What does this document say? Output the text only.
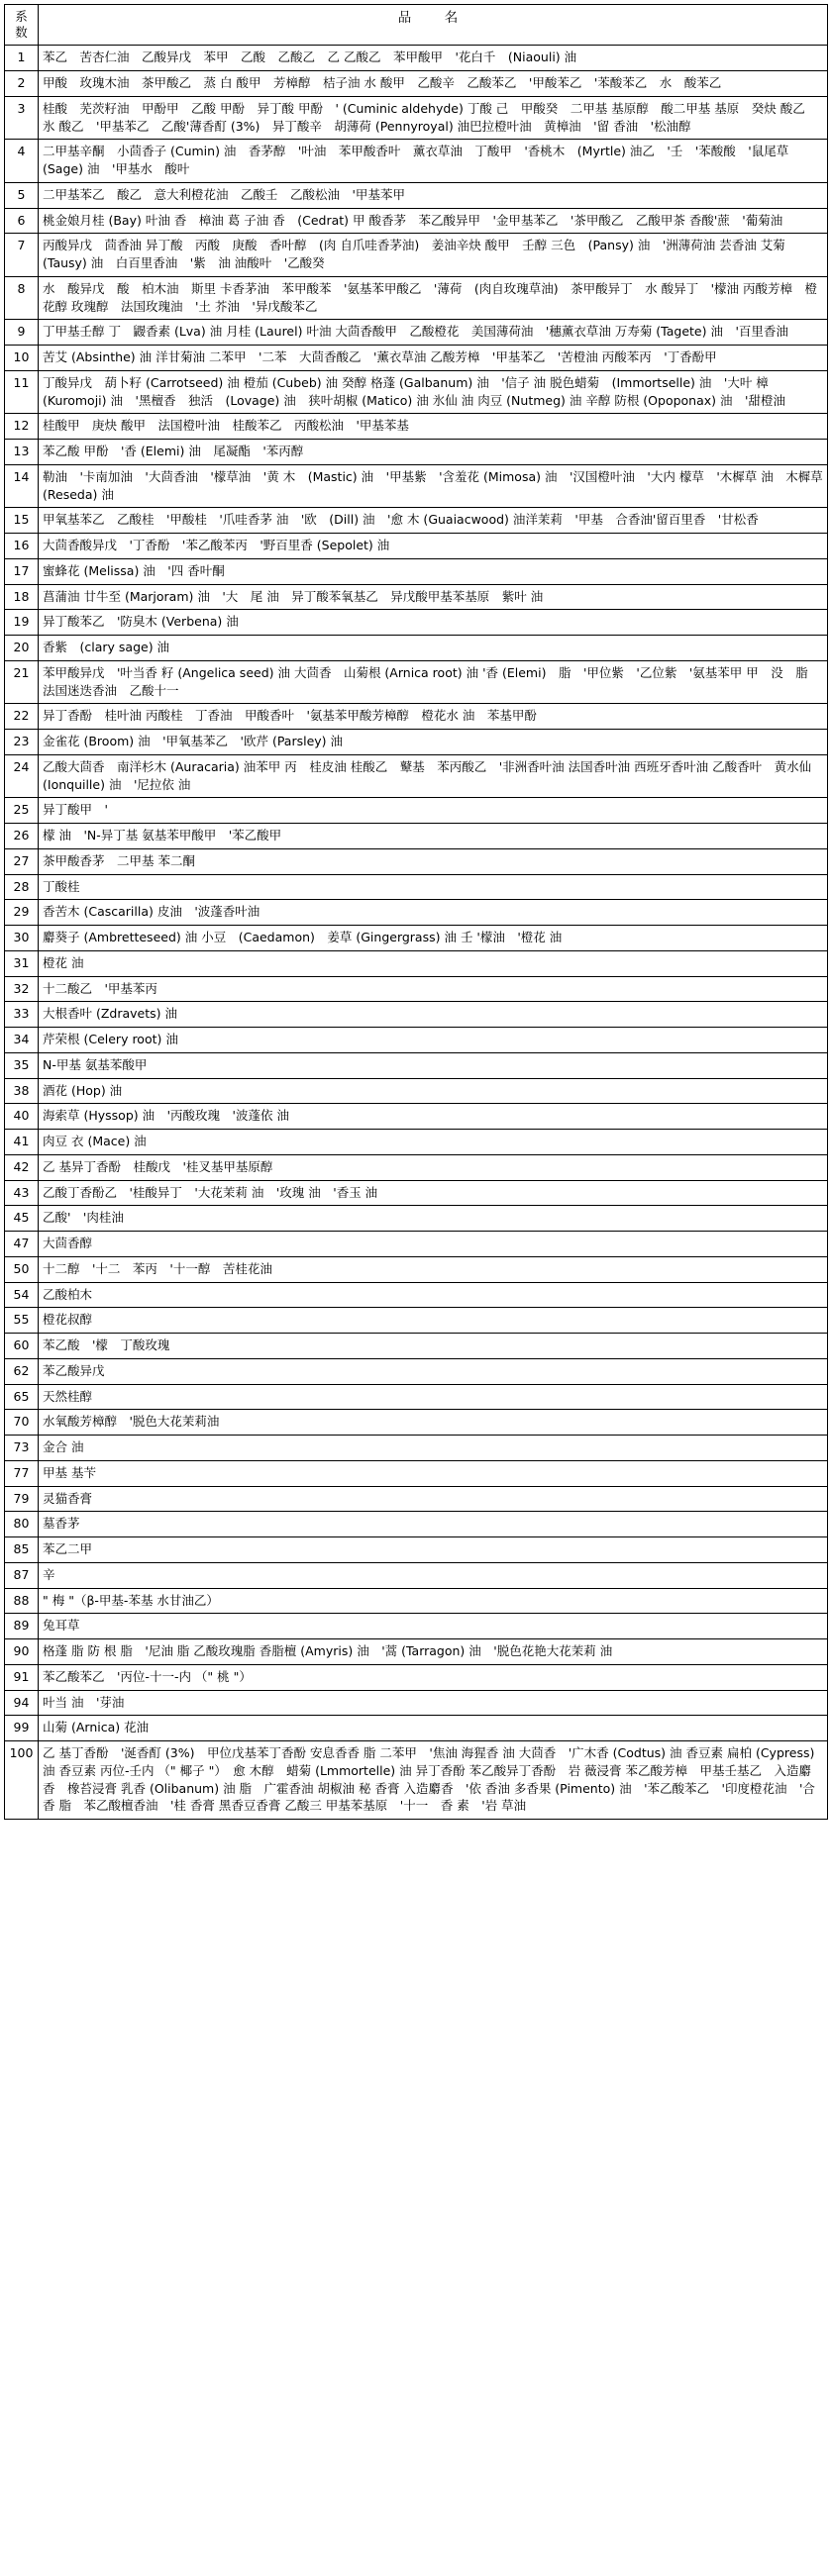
系
数	品　名
1	苯乙　苦杏仁油　乙酸异戊　苯甲　乙酸　乙酸乙　乙 乙酸乙　苯甲酸甲　'花白千　(Niaouli) 油
2	甲酸　玫瑰木油　茶甲酸乙　蒸 白 酸甲　芳樟醇　桔子油 水 酸甲　乙酸辛　乙酸苯乙　'甲酸苯乙　'苯酸苯乙　水　酸苯乙
3	桂酸　芜茨籽油　甲酚甲　乙酸 甲酚　异丁酸 甲酚　' (Cuminic aldehyde) 丁酸 己　甲酸癸　二甲基 基原醇　酸二甲基 基原　癸炔 酸乙　氷 酸乙　'甲基苯乙　乙酸'薄香酊 (3%)　异丁酸辛　胡薄荷 (Pennyroyal) 油巴拉橙叶油　黄樟油　'留 香油　'松油醇
4	二甲基辛酮　小茴香子 (Cumin) 油　香茅醇　'叶油　苯甲酸香叶　薰衣草油　丁酸甲　'香桃木　(Myrtle) 油乙　'壬　'苯酸酸　'鼠尾草 (Sage) 油　'甲基水　酸叶
5	二甲基苯乙　酸乙　意大利橙花油　乙酸壬　乙酸松油　'甲基苯甲
6	桃金娘月桂 (Bay) 叶油 香　樟油 葛 子油 香　(Cedrat) 甲 酸香茅　苯乙酸异甲　'金甲基苯乙　'茶甲酸乙　乙酸甲茶 香酸'蔗　'葡菊油
7	丙酸异戊　茴香油 异丁酸　丙酸　庚酸　香叶醇　(肉 自爪哇香茅油)　姜油辛炔 酸甲　壬醇 三色　(Pansy) 油　'洲薄荷油 芸香油 艾菊　(Tausy) 油　白百里香油　'紫　油 油酸叶　'乙酸癸
8	水　酸异戊　酸　柏木油　斯里 卡香茅油　苯甲酸苯　'氨基苯甲酸乙　'薄荷　(肉自玫瑰草油)　茶甲酸异丁　水 酸异丁　'檬油 丙酸芳樟　橙花醇 玫瑰醇　法国玫瑰油　'土 芥油　'异戊酸苯乙
9	丁甲基壬醇 丁　鼹香素 (Lva) 油 月桂 (Laurel) 叶油 大茴香酸甲　乙酸橙花　美国薄荷油　'穗薰衣草油 万寿菊 (Tagete) 油　'百里香油
10	苦艾 (Absinthe) 油 洋甘菊油 二苯甲　'二苯　大茴香酸乙　'薰衣草油 乙酸芳樟　'甲基苯乙　'苦橙油 丙酸苯丙　'丁香酚甲
11	丁酸异戊　葫卜籽 (Carrotseed) 油 橙茄 (Cubeb) 油 癸醇 格蓬 (Galbanum) 油　'信子 油 脱色蜡菊　(Immortselle) 油　'大叶 樟　(Kuromoji) 油　'黑檀香　独活　(Lovage) 油　狭叶胡椒 (Matico) 油 氷仙 油 肉豆 (Nutmeg) 油 辛醇 防根 (Opoponax) 油　'甜橙油
12	桂酸甲　庚炔 酸甲　法国橙叶油　桂酸苯乙　丙酸松油　'甲基苯基
13	苯乙酸 甲酚　'香 (Elemi) 油　尾凝酯　'苯丙醇
14	勒油　'卡南加油　'大茴香油　'檬草油　'黄 木　(Mastic) 油　'甲基紫　'含羞花 (Mimosa) 油　'汉国橙叶油　'大内 檬草　'木樨草 油　木樨草 (Reseda) 油
15	甲氧基苯乙　乙酸桂　'甲酸桂　'爪哇香茅 油　'欧　(Dill) 油　'愈 木 (Guaiacwood) 油洋茉莉　'甲基　合香油'留百里香　'甘松香
16	大茴香酸异戊　'丁香酚　'苯乙酸苯丙　'野百里香 (Sepolet) 油
17	蜜蜂花 (Melissa) 油　'四 香叶酮
18	菖蒲油 廿牛至 (Marjoram) 油　'大　尾 油　异丁酸苯氧基乙　异戊酸甲基苯基原　紫叶 油
19	异丁酸苯乙　'防臭木 (Verbena) 油
20	香紫　(clary sage) 油
21	苯甲酸异戊　'叶当香 籽 (Angelica seed) 油 大茴香　山菊根 (Arnica root) 油 '香 (Elemi)　脂　'甲位紫　'乙位紫　'氨基苯甲 甲　没　脂　法国迷迭香油　乙酸十一
22	异丁香酚　桂叶油 丙酸桂　丁香油　甲酸香叶　'氨基苯甲酸芳樟醇　橙花水 油　苯基甲酚
23	金雀花 (Broom) 油　'甲氧基苯乙　'欧芹 (Parsley) 油
24	乙酸大茴香　南洋杉木 (Auracaria) 油苯甲 丙　桂皮油 桂酸乙　鼙基　苯丙酸乙　'非洲香叶油 法国香叶油 西班牙香叶油 乙酸香叶　黄水仙 (Ionquille) 油　'尼拉依 油
25	异丁酸甲　'
26	檬 油　'N-异丁基 氨基苯甲酸甲　'苯乙酸甲
27	茶甲酸香茅　二甲基 苯二酮
28	丁酸桂
29	香苦木 (Cascarilla) 皮油　'波蓬香叶油
30	麝葵子 (Ambretteseed) 油 小豆　(Caedamon)　姜草 (Gingergrass) 油 壬 '檬油　'橙花 油
31	橙花 油
32	十二酸乙　'甲基苯丙
33	大根香叶 (Zdravets) 油
34	芹荣根 (Celery root) 油
35	N-甲基 氨基苯酸甲
38	酒花 (Hop) 油
40	海索草 (Hyssop) 油　'丙酸玫瑰　'波蓬依 油
41	肉豆 衣 (Mace) 油
42	乙 基异丁香酚　桂酸戊　'桂叉基甲基原醇
43	乙酸丁香酚乙　'桂酸异丁　'大花茉莉 油　'玫瑰 油　'香玉 油
45	乙酸'　'肉桂油
47	大茴香醇
50	十二醇　'十二　苯丙　'十一醇　苦桂花油
54	乙酸柏木
55	橙花叔醇
60	苯乙酸　'檬　丁酸玫瑰
62	苯乙酸异戊
65	天然桂醇
70	水氧酸芳樟醇　'脱色大花茉莉油
73	金合 油
77	甲基 基苄
79	灵猫香膏
80	墓香茅
85	苯乙二甲
87	辛
88	" 梅 "（β-甲基-苯基 水甘油乙）
89	兔耳草
90	格蓬 脂 防 根 脂　'尼油 脂 乙酸玫瑰脂 香脂檀 (Amyris) 油　'蒿 (Tarragon) 油　'脱色花艳大花茉莉 油
91	苯乙酸苯乙　'丙位-十一-内 （" 桃 "）
94	叶当 油　'芽油
99	山菊 (Arnica) 花油
100	乙 基丁香酚　'涎香酊 (3%)　甲位戊基苯丁香酚 安息香香 脂 二苯甲　'焦油 海猩香 油 大茴香　'广木香 (Codtus) 油 香豆素 扁柏 (Cypress) 油 香豆素 丙位-壬内 （" 椰子 "）　愈 木醇　蜡菊 (Lmmortelle) 油 异丁香酚 苯乙酸异丁香酚　岩 薇浸膏 苯乙酸芳樟　甲基壬基乙　入造麝香　橡苔浸膏 乳香 (Olibanum) 油 脂　广霍香油 胡椒油 秘 香膏 入造麝香　'依 香油 多香果 (Pimento) 油　'苯乙酸苯乙　'印度橙花油　'合香 脂　苯乙酸檀香油　'桂 香膏 黑香豆香膏 乙酸三 甲基苯基原　'十一　香 素　'岩 草油
